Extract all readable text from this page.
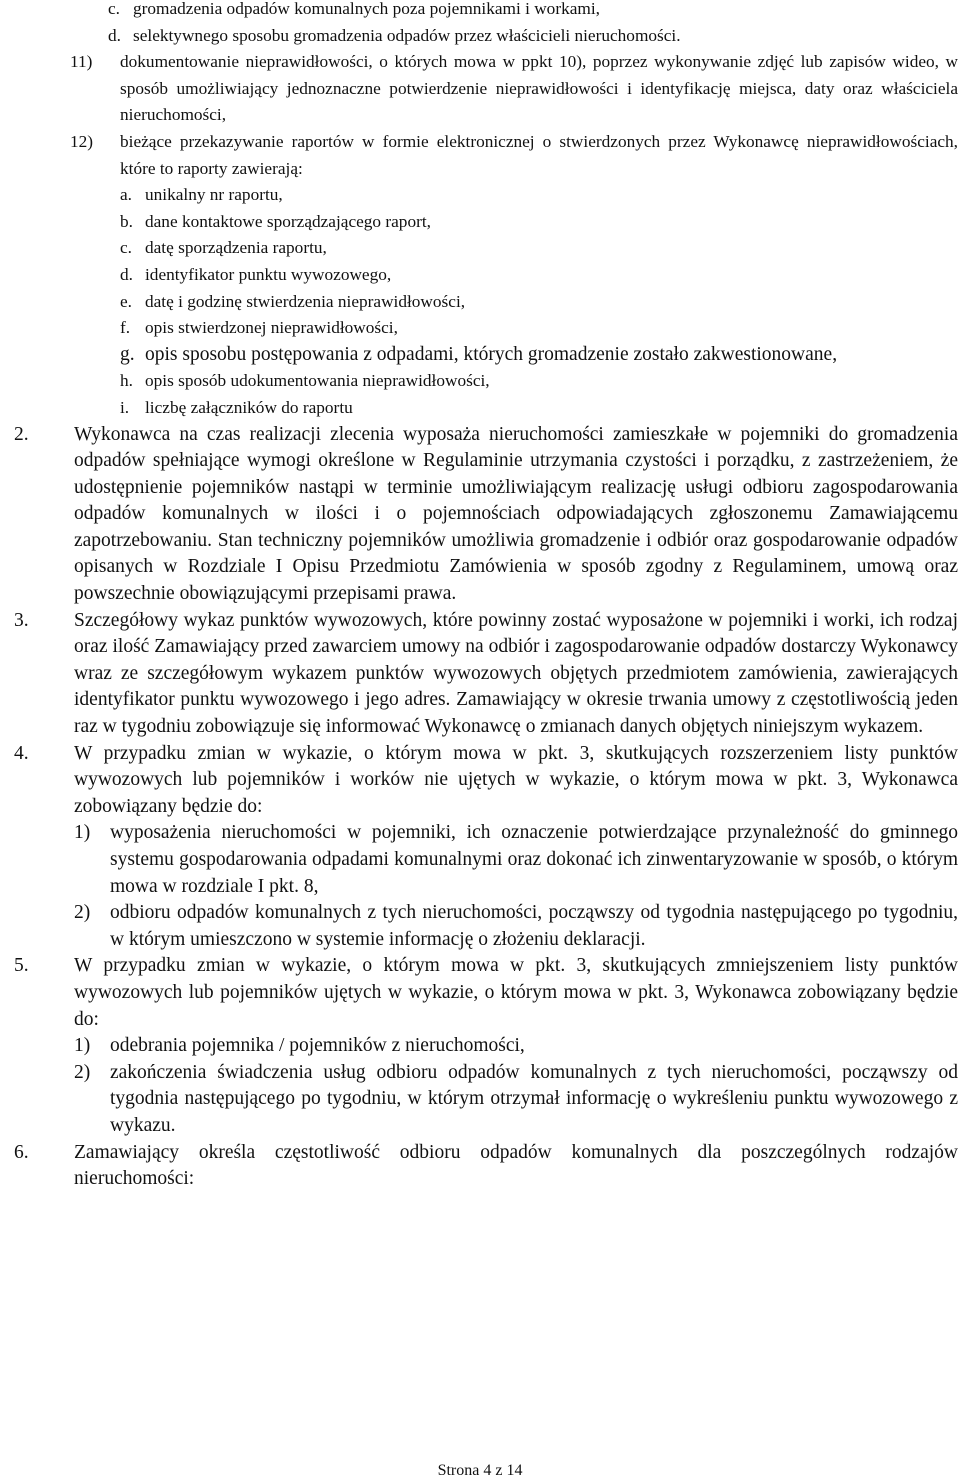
c. gromadzenia odpadów komunalnych poza pojemnikami i workami,
d. selektywnego sposobu gromadzenia odpadów przez właścicieli nieruchomości.
11) dokumentowanie nieprawidłowości, o których mowa w ppkt 10), poprzez wykonywanie zdjęć lub zapisów wideo, w sposób umożliwiający jednoznaczne potwierdzenie nieprawidłowości i identyfikację miejsca, daty oraz właściciela nieruchomości,
12) bieżące przekazywanie raportów w formie elektronicznej o stwierdzonych przez Wykonawcę nieprawidłowościach, które to raporty zawierają:
a. unikalny nr raportu,
b. dane kontaktowe sporządzającego raport,
c. datę sporządzenia raportu,
d. identyfikator punktu wywozowego,
e. datę i godzinę stwierdzenia nieprawidłowości,
f. opis stwierdzonej nieprawidłowości,
g. opis sposobu postępowania z odpadami, których gromadzenie zostało zakwestionowane,
h. opis sposób udokumentowania nieprawidłowości,
i. liczbę załączników do raportu
2. Wykonawca na czas realizacji zlecenia wyposaża nieruchomości zamieszkałe w pojemniki do gromadzenia odpadów spełniające wymogi określone w Regulaminie utrzymania czystości i porządku, z zastrzeżeniem, że udostępnienie pojemników nastąpi w terminie umożliwiającym realizację usługi odbioru zagospodarowania odpadów komunalnych w ilości i o pojemnościach odpowiadających zgłoszonemu Zamawiającemu zapotrzebowaniu. Stan techniczny pojemników umożliwia gromadzenie i odbiór oraz gospodarowanie odpadów opisanych w Rozdziale I Opisu Przedmiotu Zamówienia w sposób zgodny z Regulaminem, umową oraz powszechnie obowiązującymi przepisami prawa.
3. Szczegółowy wykaz punktów wywozowych, które powinny zostać wyposażone w pojemniki i worki, ich rodzaj oraz ilość Zamawiający przed zawarciem umowy na odbiór i zagospodarowanie odpadów dostarczy Wykonawcy wraz ze szczegółowym wykazem punktów wywozowych objętych przedmiotem zamówienia, zawierających identyfikator punktu wywozowego i jego adres. Zamawiający w okresie trwania umowy z częstotliwością jeden raz w tygodniu zobowiązuje się informować Wykonawcę o zmianach danych objętych niniejszym wykazem.
4. W przypadku zmian w wykazie, o którym mowa w pkt. 3, skutkujących rozszerzeniem listy punktów wywozowych lub pojemników i worków nie ujętych w wykazie, o którym mowa w pkt. 3, Wykonawca zobowiązany będzie do:

1) wyposażenia nieruchomości w pojemniki, ich oznaczenie potwierdzające przynależność do gminnego systemu gospodarowania odpadami komunalnymi oraz dokonać ich zinwentaryzowanie w sposób, o którym mowa w rozdziale I pkt. 8,
2) odbioru odpadów komunalnych z tych nieruchomości, począwszy od tygodnia następującego po tygodniu, w którym umieszczono w systemie informację o złożeniu deklaracji.
5. W przypadku zmian w wykazie, o którym mowa w pkt. 3, skutkujących zmniejszeniem listy punktów wywozowych lub pojemników ujętych w wykazie, o którym mowa w pkt. 3, Wykonawca zobowiązany będzie do:

1) odebrania pojemnika / pojemników z nieruchomości,
2) zakończenia świadczenia usług odbioru odpadów komunalnych z tych nieruchomości, począwszy od tygodnia następującego po tygodniu, w którym otrzymał informację o wykreśleniu punktu wywozowego z wykazu.
6. Zamawiający określa częstotliwość odbioru odpadów komunalnych dla poszczególnych rodzajów nieruchomości:
Strona 4 z 14
